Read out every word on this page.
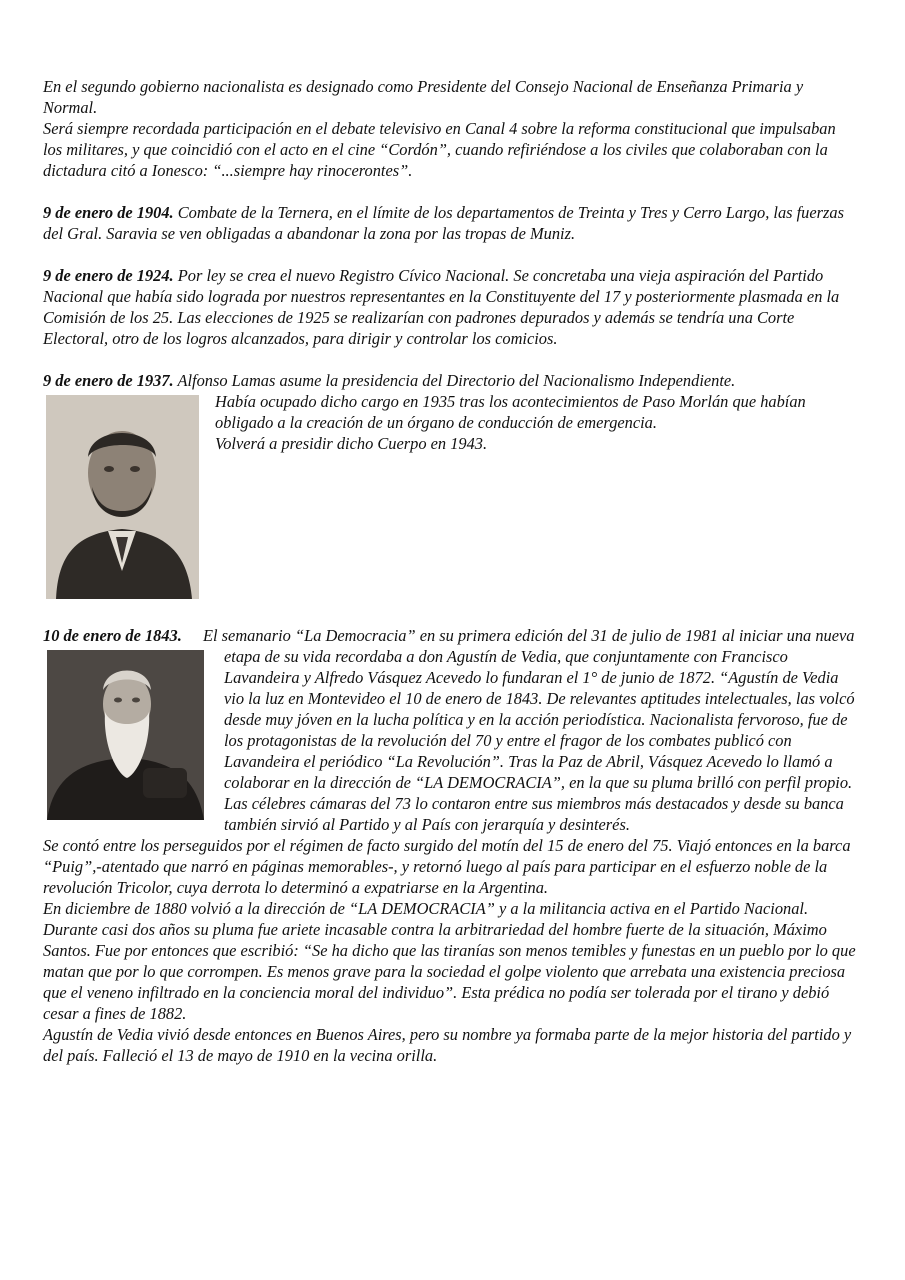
En el segundo gobierno nacionalista es designado como Presidente del Consejo Nacional de Enseñanza Primaria y Normal.

Será siempre recordada participación en el debate televisivo en Canal 4 sobre la reforma constitucional que impulsaban los militares, y que coincidió con el acto en el cine “Cordón”, cuando refiriéndose a los civiles que colaboraban con la dictadura citó a Ionesco: “...siempre hay rinocerontes”.

9 de enero de 1904. Combate de la Ternera, en el límite de los departamentos de Treinta y Tres y Cerro Largo, las fuerzas del Gral. Saravia se ven obligadas a abandonar la zona por las tropas de Muniz.

9 de enero de 1924. Por ley se crea el nuevo Registro Cívico Nacional. Se concretaba una vieja aspiración del Partido Nacional que había sido lograda por nuestros representantes en la Constituyente del 17 y posteriormente plasmada en la Comisión de los 25. Las elecciones de 1925 se realizarían con padrones depurados y además se tendría una Corte Electoral, otro de los logros alcanzados, para dirigir y controlar los comicios.

9 de enero de 1937. Alfonso Lamas asume la presidencia del Directorio del Nacionalismo Independiente.

Había ocupado dicho cargo en 1935 tras los acontecimientos de Paso Morlán que habían obligado a la creación de un órgano de conducción de emergencia.

Volverá a presidir dicho Cuerpo en 1943.

10 de enero de 1843.	El semanario “La Democracia” en su primera edición del 31 de julio de 1981 al iniciar una nueva etapa de su vida recordaba a don Agustín de Vedia, que conjuntamente con Francisco Lavandeira y Alfredo Vásquez Acevedo lo fundaran el 1° de junio de 1872. “Agustín de Vedia vio la luz en Montevideo el 10 de enero de 1843. De relevantes aptitudes intelectuales, las volcó desde muy jóven en la lucha política y en la acción periodística. Nacionalista fervoroso, fue de los protagonistas de la revolución del 70 y entre el fragor de los combates publicó con Lavandeira el periódico “La Revolución”. Tras la Paz de Abril, Vásquez Acevedo lo llamó a colaborar en la dirección de “LA DEMOCRACIA”, en la que su pluma brilló con perfil propio. Las célebres cámaras del 73 lo contaron entre sus miembros más destacados y desde su banca también sirvió al Partido y al País con jerarquía y desinterés.

Se contó entre los perseguidos por el régimen de facto surgido del motín del 15 de enero del 75. Viajó entonces en la barca “Puig”,-atentado que narró en páginas memorables-, y retornó luego al país para participar en el esfuerzo noble de la revolución Tricolor, cuya derrota lo determinó a expatriarse en la Argentina.

En diciembre de 1880 volvió a la dirección de “LA DEMOCRACIA” y a la militancia activa en el Partido Nacional. Durante casi dos años su pluma fue ariete incasable contra la arbitrariedad del hombre fuerte de la situación, Máximo Santos. Fue por entonces que escribió: “Se ha dicho que las tiranías son menos temibles y funestas en un pueblo por lo que matan que por lo que corrompen. Es menos grave para la sociedad el golpe violento que arrebata una existencia preciosa que el veneno infiltrado en la conciencia moral del individuo”. Esta prédica no podía ser tolerada por el tirano y debió cesar a fines de 1882.

Agustín de Vedia vivió desde entonces en Buenos Aires, pero su nombre ya formaba parte de la mejor historia del partido y del país. Falleció el 13 de mayo de 1910 en la vecina orilla.
